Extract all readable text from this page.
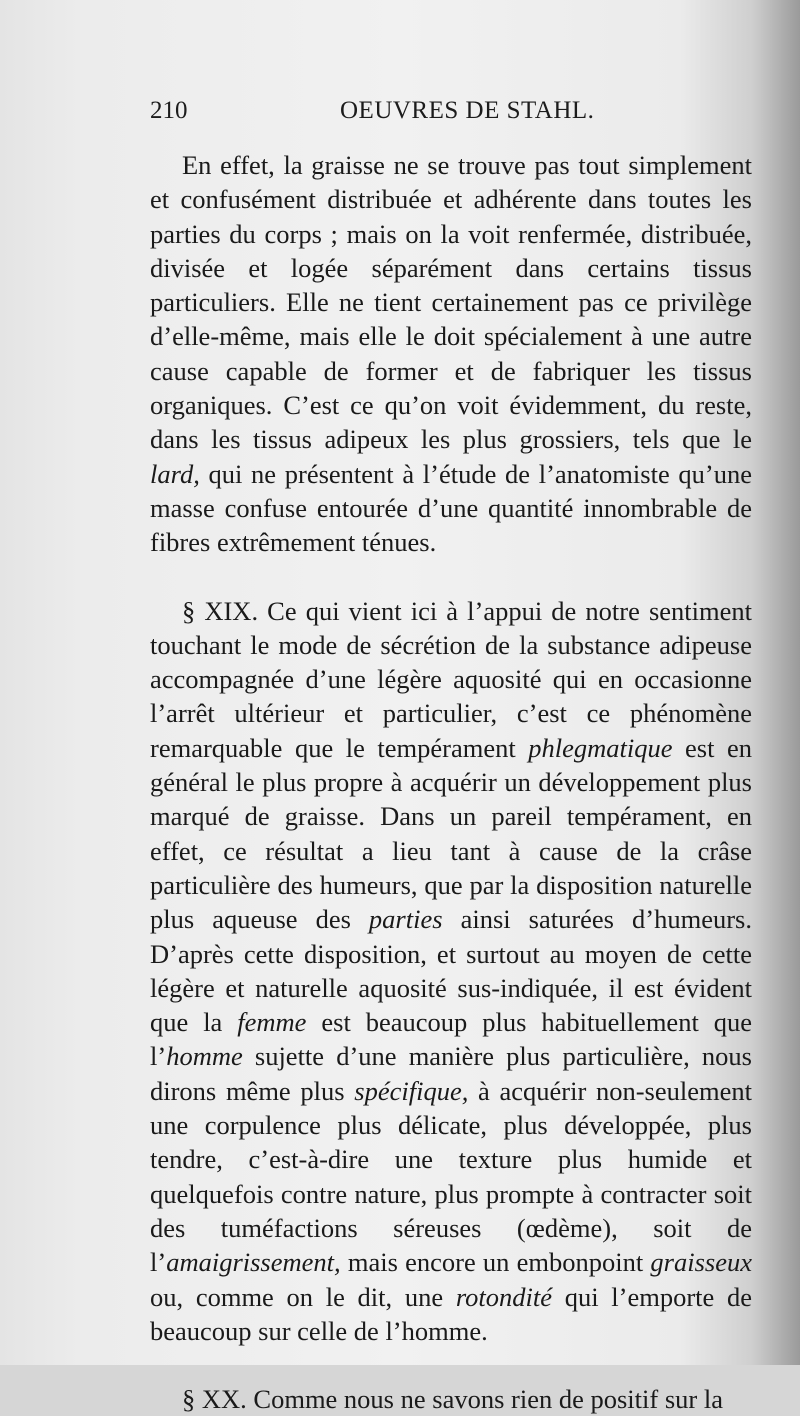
210	OEUVRES DE STAHL.

En effet, la graisse ne se trouve pas tout simplement et confusément distribuée et adhérente dans toutes les parties du corps ; mais on la voit renfermée, distribuée, divisée et logée séparément dans certains tissus particuliers. Elle ne tient certainement pas ce privilège d’elle-même, mais elle le doit spécialement à une autre cause capable de former et de fabriquer les tissus organiques. C’est ce qu’on voit évidemment, du reste, dans les tissus adipeux les plus grossiers, tels que le lard, qui ne présentent à l’étude de l’anatomiste qu’une masse confuse entourée d’une quantité innombrable de fibres extrêmement ténues.

§ XIX. Ce qui vient ici à l’appui de notre sentiment touchant le mode de sécrétion de la substance adipeuse accompagnée d’une légère aquosité qui en occasionne l’arrêt ultérieur et particulier, c’est ce phénomène remarquable que le tempérament phlegmatique est en général le plus propre à acquérir un développement plus marqué de graisse. Dans un pareil tempérament, en effet, ce résultat a lieu tant à cause de la crâse particulière des humeurs, que par la disposition naturelle plus aqueuse des parties ainsi saturées d’humeurs. D’après cette disposition, et surtout au moyen de cette légère et naturelle aquosité sus-indiquée, il est évident que la femme est beaucoup plus habituellement que l’homme sujette d’une manière plus particulière, nous dirons même plus spécifique, à acquérir non-seulement une corpulence plus délicate, plus développée, plus tendre, c’est-à-dire une texture plus humide et quelquefois contre nature, plus prompte à contracter soit des tuméfactions séreuses (œdème), soit de l’amaigrissement, mais encore un embonpoint graisseux ou, comme on le dit, une rotondité qui l’emporte de beaucoup sur celle de l’homme.

§ XX. Comme nous ne savons rien de positif sur la
